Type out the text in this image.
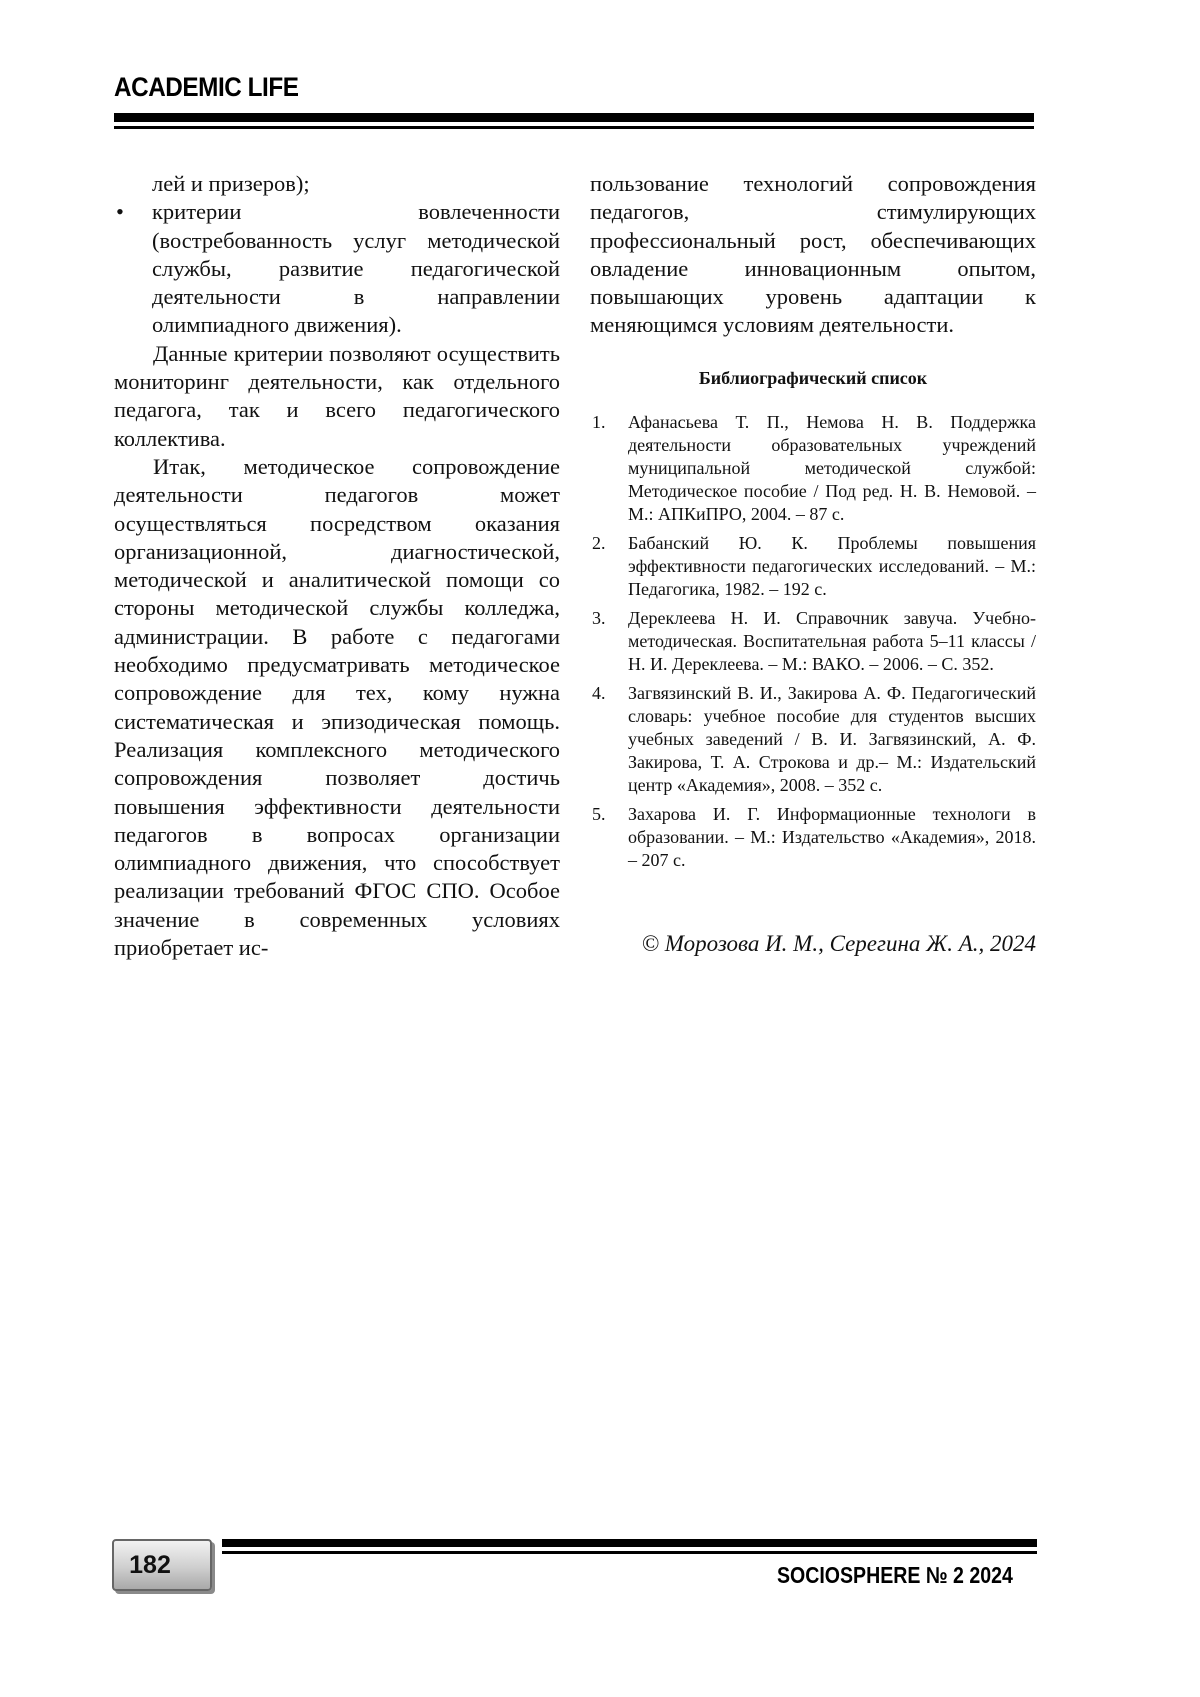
ACADEMIC LIFE

лей и призеров);

• критерии вовлеченности (востребованность услуг методической службы, развитие педагогической деятельности в направлении олимпиадного движения).

Данные критерии позволяют осуществить мониторинг деятельности, как отдельного педагога, так и всего педагогического коллектива.

Итак, методическое сопровождение деятельности педагогов может осуществляться посредством оказания организационной, диагностической, методической и аналитической помощи со стороны методической службы колледжа, администрации. В работе с педагогами необходимо предусматривать методическое сопровождение для тех, кому нужна систематическая и эпизодическая помощь. Реализация комплексного методического сопровождения позволяет достичь повышения эффективности деятельности педагогов в вопросах организации олимпиадного движения, что способствует реализации требований ФГОС СПО. Особое значение в современных условиях приобретает ис-

пользование технологий сопровождения педагогов, стимулирующих профессиональный рост, обеспечивающих овладение инновационным опытом, повышающих уровень адаптации к меняющимся условиям деятельности.

Библиографический список

1. Афанасьева Т. П., Немова Н. В. Поддержка деятельности образовательных учреждений муниципальной методической службой: Методическое пособие / Под ред. Н. В. Немовой. – М.: АПКиПРО, 2004. – 87 с.

2. Бабанский Ю. К. Проблемы повышения эффективности педагогических исследований. – М.: Педагогика, 1982. – 192 с.

3. Дереклеева Н. И. Справочник завуча. Учебно-методическая. Воспитательная работа 5–11 классы / Н. И. Дереклеева. – М.: ВАКО. – 2006. – С. 352.

4. Загвязинский В. И., Закирова А. Ф. Педагогический словарь: учебное пособие для студентов высших учебных заведений / В. И. Загвязинский, А. Ф. Закирова, Т. А. Строкова и др.– М.: Издательский центр «Академия», 2008. – 352 с.

5. Захарова И. Г. Информационные технологи в образовании. – М.: Издательство «Академия», 2018. – 207 с.

© Морозова И. М., Серегина Ж. А., 2024
182	SOCIOSPHERE № 2 2024
